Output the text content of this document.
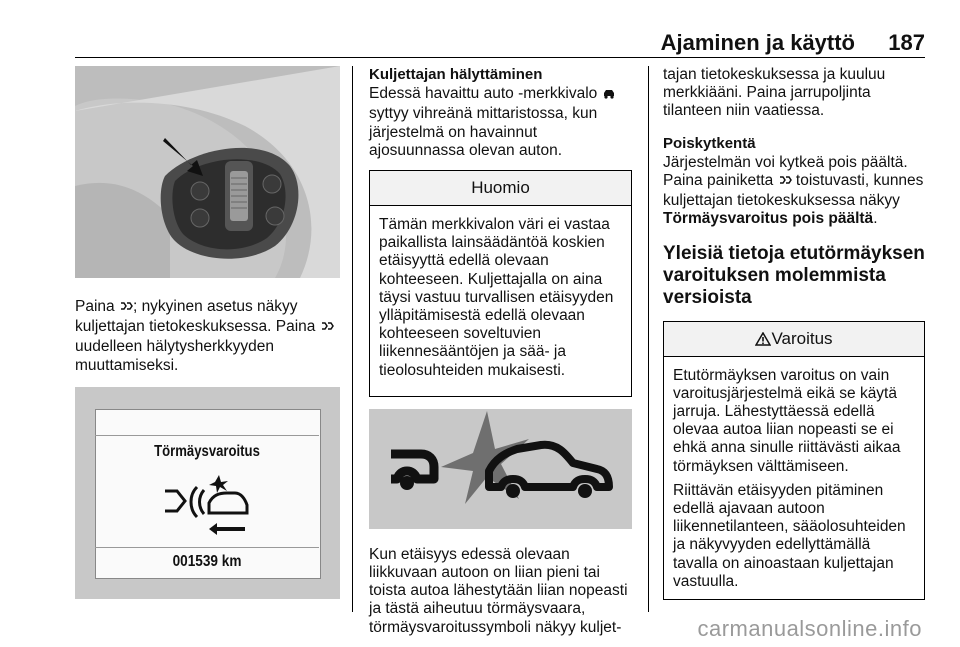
Ajaminen ja käyttö 187

Paina ; nykyinen asetus näkyy kuljettajan tietokeskuksessa. Paina  uudelleen hälytysherkkyyden muuttamiseksi.

Törmäysvaroitus
001539 km

Kuljettajan hälyttäminen

Edessä havaittu auto -merkkivalo  syttyy vihreänä mittaristossa, kun järjestelmä on havainnut ajosuunnassa olevan auton.

Huomio

Tämän merkkivalon väri ei vastaa paikallista lainsäädäntöä koskien etäisyyttä edellä olevaan kohteeseen. Kuljettajalla on aina täysi vastuu turvallisen etäisyyden ylläpitämisestä edellä olevaan kohteeseen soveltuvien liikennesääntöjen ja sää- ja tieolosuhteiden mukaisesti.

Kun etäisyys edessä olevaan liikkuvaan autoon on liian pieni tai toista autoa lähestytään liian nopeasti ja tästä aiheutuu törmäysvaara, törmäysvaroitussymboli näkyy kuljet-

tajan tietokeskuksessa ja kuuluu merkkiääni. Paina jarrupoljinta tilanteen niin vaatiessa.

Poiskytkentä

Järjestelmän voi kytkeä pois päältä. Paina painiketta  toistuvasti, kunnes kuljettajan tietokeskuksessa näkyy Törmäysvaroitus pois päältä.

Yleisiä tietoja etutörmäyksen varoituksen molemmista versioista

Varoitus

Etutörmäyksen varoitus on vain varoitusjärjestelmä eikä se käytä jarruja. Lähestyttäessä edellä olevaa autoa liian nopeasti se ei ehkä anna sinulle riittävästi aikaa törmäyksen välttämiseen.

Riittävän etäisyyden pitäminen edellä ajavaan autoon liikennetilanteen, sääolosuhteiden ja näkyvyyden edellyttämällä tavalla on ainoastaan kuljettajan vastuulla.

carmanualsonline.info
